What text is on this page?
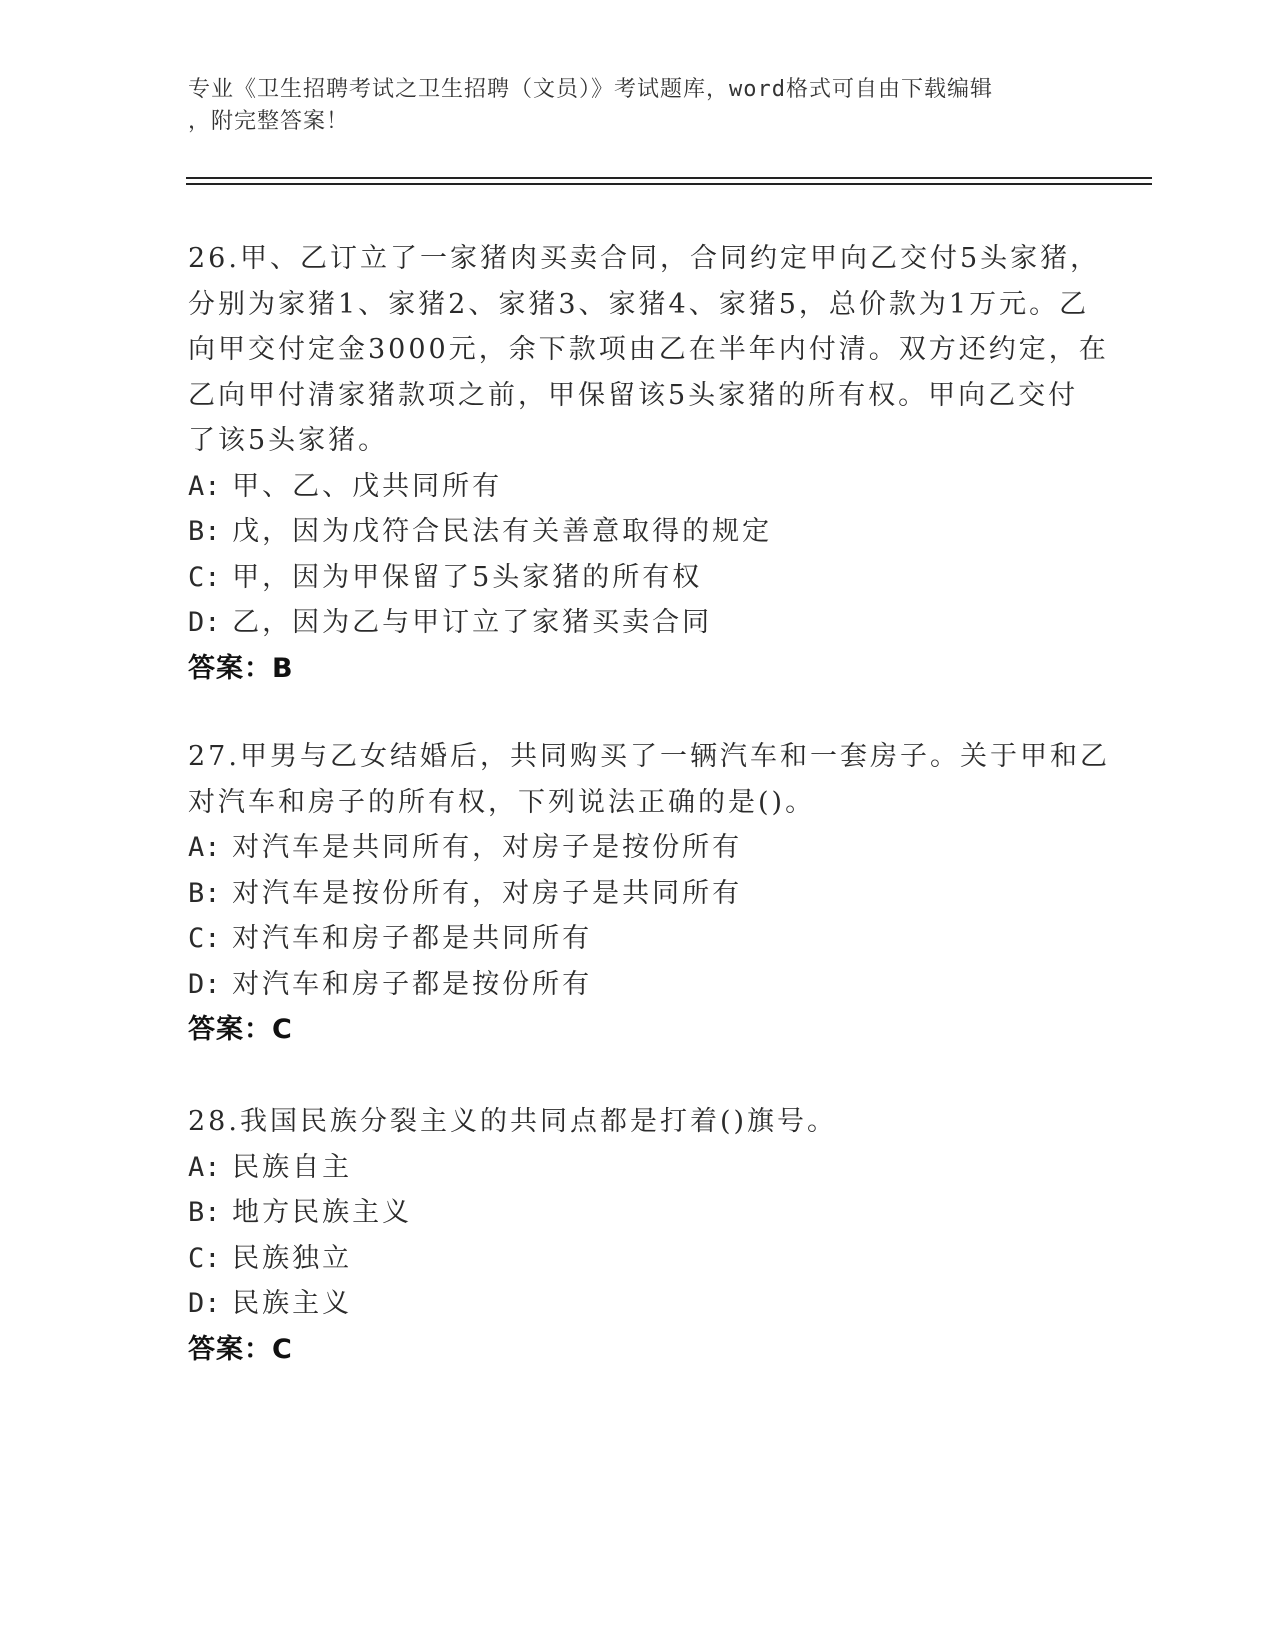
专业《卫生招聘考试之卫生招聘（文员）》考试题库，word格式可自由下载编辑
，附完整答案！
26.甲、乙订立了一家猪肉买卖合同，合同约定甲向乙交付5头家猪，
分别为家猪1、家猪2、家猪3、家猪4、家猪5，总价款为1万元。乙
向甲交付定金3000元，余下款项由乙在半年内付清。双方还约定，在
乙向甲付清家猪款项之前，甲保留该5头家猪的所有权。甲向乙交付
了该5头家猪。
A: 甲、乙、戊共同所有
B: 戊，因为戊符合民法有关善意取得的规定
C: 甲，因为甲保留了5头家猪的所有权
D: 乙，因为乙与甲订立了家猪买卖合同
答案：B
27.甲男与乙女结婚后，共同购买了一辆汽车和一套房子。关于甲和乙
对汽车和房子的所有权，下列说法正确的是()。
A: 对汽车是共同所有，对房子是按份所有
B: 对汽车是按份所有，对房子是共同所有
C: 对汽车和房子都是共同所有
D: 对汽车和房子都是按份所有
答案：C
28.我国民族分裂主义的共同点都是打着()旗号。
A: 民族自主
B: 地方民族主义
C: 民族独立
D: 民族主义
答案：C
